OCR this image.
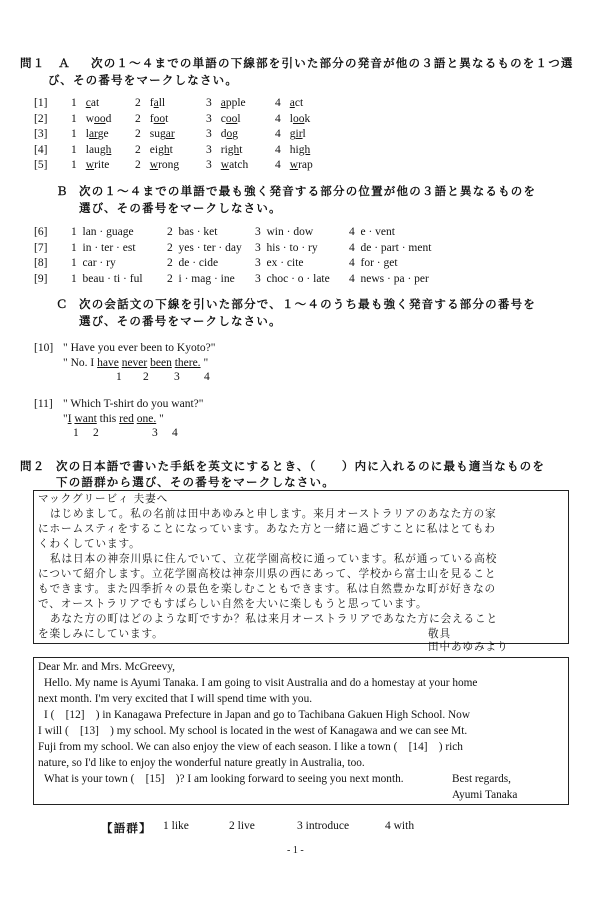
問１　Ａ 次の１～４までの単語の下線部を引いた部分の発音が他の３語と異なるものを１つ選
び、その番号をマークしなさい。
[1] 1 cat	2 fall	3 apple	4 act
[2] 1 wood 2 foot	3 cool	4 look
[3] 1 large 2 sugar	3 dog	4 girl
[4] 1 laugh 2 eight	3 right	4 high
[5] 1 write 2 wrong 3 watch 4 wrap
Ｂ 次の１～４までの単語で最も強く発音する部分の位置が他の３語と異なるものを
選び、その番号をマークしなさい。
[6] 1  lan · guage	2  bas · ket	3  win · dow	4  e · vent
[7] 1  in · ter · est	2  yes · ter · day 3  his · to · ry	4  de · part · ment
[8] 1  car · ry	2  de · cide	3  ex · cite	4  for · get
[9] 1  beau · ti · ful 2  i · mag · ine 3  choc · o · late 4  news · pa · per
Ｃ 次の会話文の下線を引いた部分で、１～４のうち最も強く発音する部分の番号を
選び、その番号をマークしなさい。
[10] " Have you ever been to Kyoto?"
" No. I have never been there. "
1 2 3 4
[11] " Which T-shirt do you want?"
"I want this red one. "
1 2	3 4
問２ 次の日本語で書いた手紙を英文にするとき、（　　）内に入れるのに最も適当なものを
下の語群から選び、その番号をマークしなさい。
マックグリービィ 夫妻へ
はじめまして。私の名前は田中あゆみと申します。来月オーストラリアのあなた方の家
にホームスティをすることになっています。あなた方と一緒に過ごすことに私はとてもわ
くわくしています。
私は日本の神奈川県に住んでいて、立花学園高校に通っています。私が通っている高校
について紹介します。立花学園高校は神奈川県の西にあって、学校から富士山を見ること
もできます。また四季折々の景色を楽しむこともできます。私は自然豊かな町が好きなの
で、オーストラリアでもすばらしい自然を大いに楽しもうと思っています。
あなた方の町はどのような町ですか？私は来月オーストラリアであなた方に会えること
を楽しみにしています。	敬具
田中あゆみより
Dear Mr. and Mrs. McGreevy,
Hello. My name is Ayumi Tanaka. I am going to visit Australia and do a homestay at your home
next month. I'm very excited that I will spend time with you.
I ( [12] ) in Kanagawa Prefecture in Japan and go to Tachibana Gakuen High School. Now
I will ( [13] ) my school. My school is located in the west of Kanagawa and we can see Mt.
Fuji from my school. We can also enjoy the view of each season. I like a town ( [14] ) rich
nature, so I'd like to enjoy the wonderful nature greatly in Australia, too.
What is your town ( [15] )? I am looking forward to seeing you next month.	Best regards,
Ayumi Tanaka
【語群】 1 like	2 live	3 introduce	4 with
- 1 -
